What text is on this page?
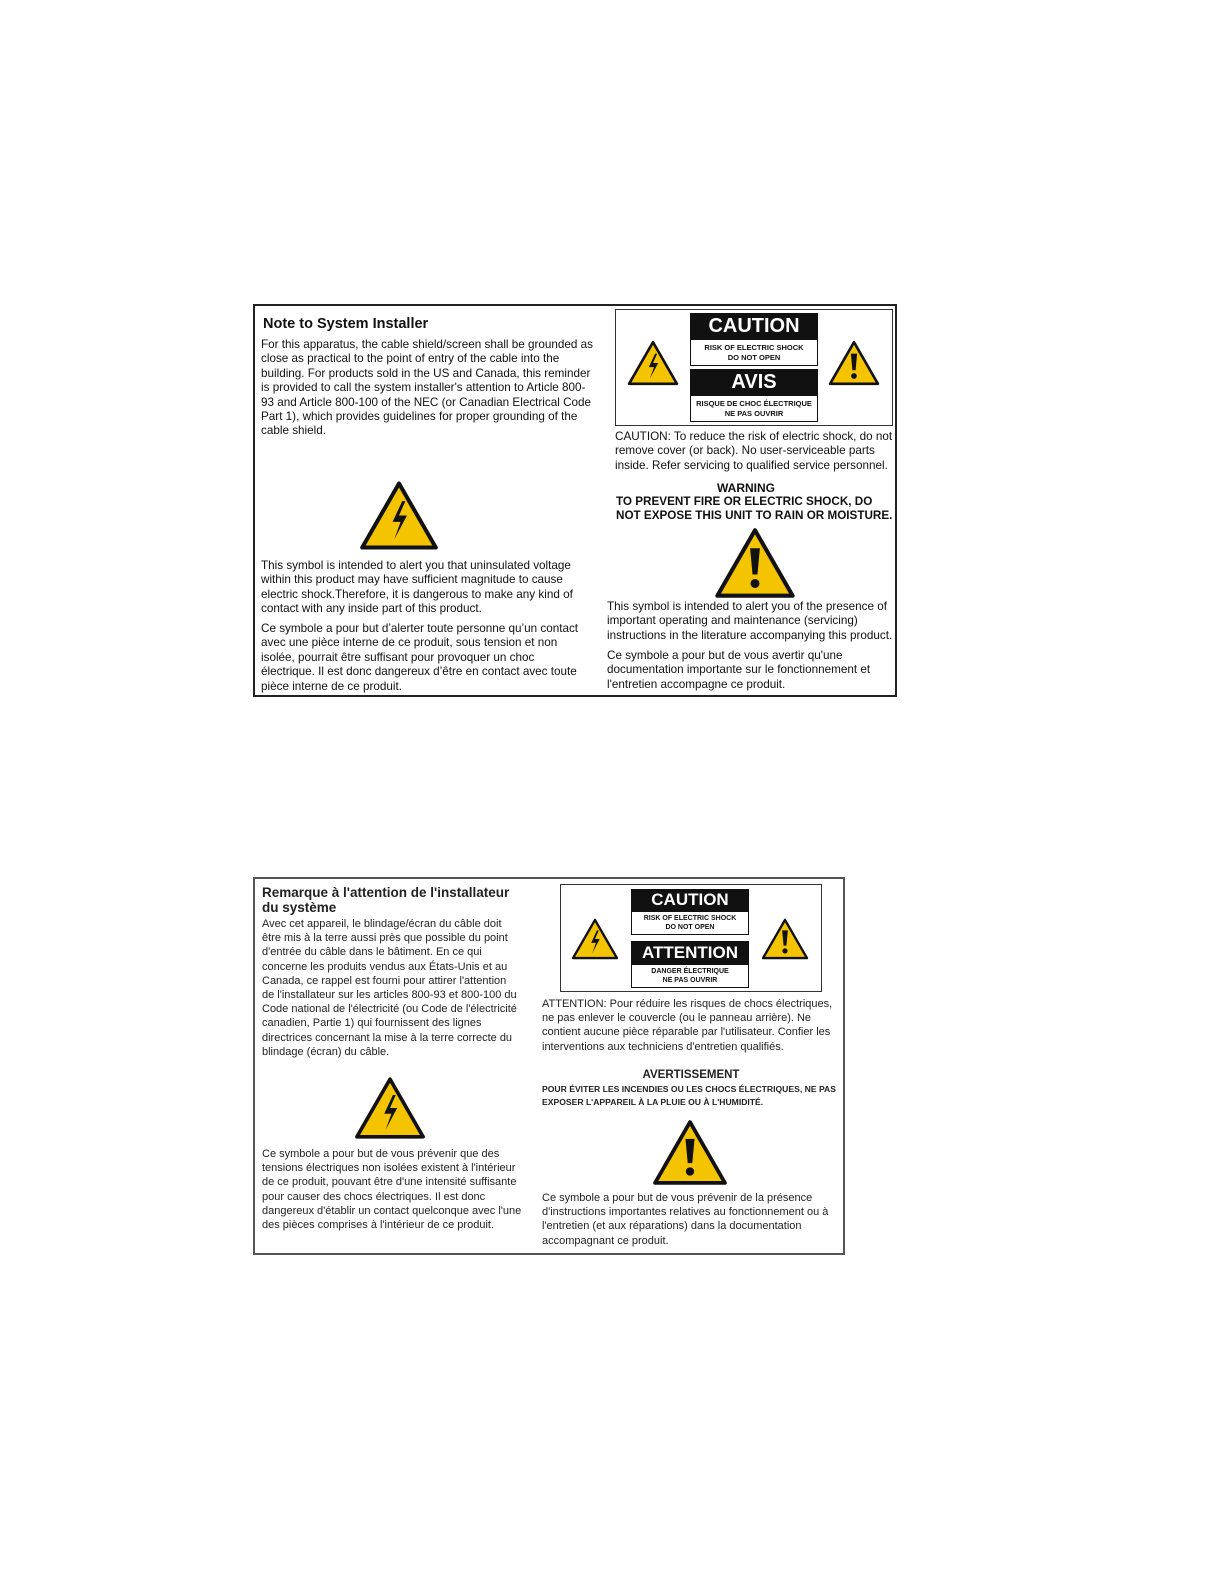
Note to System Installer
For this apparatus, the cable shield/screen shall be grounded as close as practical to the point of entry of the cable into the building. For products sold in the US and Canada, this reminder is provided to call the system installer's attention to Article 800-93 and Article 800-100 of the NEC (or Canadian Electrical Code Part 1), which provides guidelines for proper grounding of the cable shield.
This symbol is intended to alert you that uninsulated voltage within this product may have sufficient magnitude to cause electric shock.Therefore, it is dangerous to make any kind of contact with any inside part of this product.
Ce symbole a pour but d’alerter toute personne qu’un contact avec une pièce interne de ce produit, sous tension et non isolée, pourrait être suffisant pour provoquer un choc électrique. Il est donc dangereux d’être en contact avec toute pièce interne de ce produit.
CAUTION
RISK OF ELECTRIC SHOCK
DO NOT OPEN
AVIS
RISQUE DE CHOC ÉLECTRIQUE
NE PAS OUVRIR
CAUTION: To reduce the risk of electric shock, do not remove cover (or back). No user-serviceable parts inside. Refer servicing to qualified service personnel.
WARNING
TO PREVENT FIRE OR ELECTRIC SHOCK, DO NOT EXPOSE THIS UNIT TO RAIN OR MOISTURE.
This symbol is intended to alert you of the presence of important operating and maintenance (servicing) instructions in the literature accompanying this product.
Ce symbole a pour but de vous avertir qu'une documentation importante sur le fonctionnement et l'entretien accompagne ce produit.
Remarque à l'attention de l'installateur
du système
Avec cet appareil, le blindage/écran du câble doit être mis à la terre aussi près que possible du point d'entrée du câble dans le bâtiment. En ce qui concerne les produits vendus aux États-Unis et au Canada, ce rappel est fourni pour attirer l'attention de l'installateur sur les articles 800-93 et 800-100 du Code national de l'électricité (ou Code de l'électricité canadien, Partie 1) qui fournissent des lignes directrices concernant la mise à la terre correcte du blindage (écran) du câble.
Ce symbole a pour but de vous prévenir que des tensions électriques non isolées existent à l'intérieur de ce produit, pouvant être d'une intensité suffisante pour causer des chocs électriques. Il est donc dangereux d'établir un contact quelconque avec l'une des pièces comprises à l'intérieur de ce produit.
CAUTION
RISK OF ELECTRIC SHOCK
DO NOT OPEN
ATTENTION
DANGER ÉLECTRIQUE
NE PAS OUVRIR
ATTENTION: Pour réduire les risques de chocs électriques, ne pas enlever le couvercle (ou le panneau arrière). Ne contient aucune pièce réparable par l'utilisateur. Confier les interventions aux techniciens d'entretien qualifiés.
AVERTISSEMENT
POUR ÉVITER LES INCENDIES OU LES CHOCS ÉLECTRIQUES, NE PAS EXPOSER L'APPAREIL À LA PLUIE OU À L'HUMIDITÉ.
Ce symbole a pour but de vous prévenir de la présence d'instructions importantes relatives au fonctionnement ou à l'entretien (et aux réparations) dans la documentation accompagnant ce produit.
